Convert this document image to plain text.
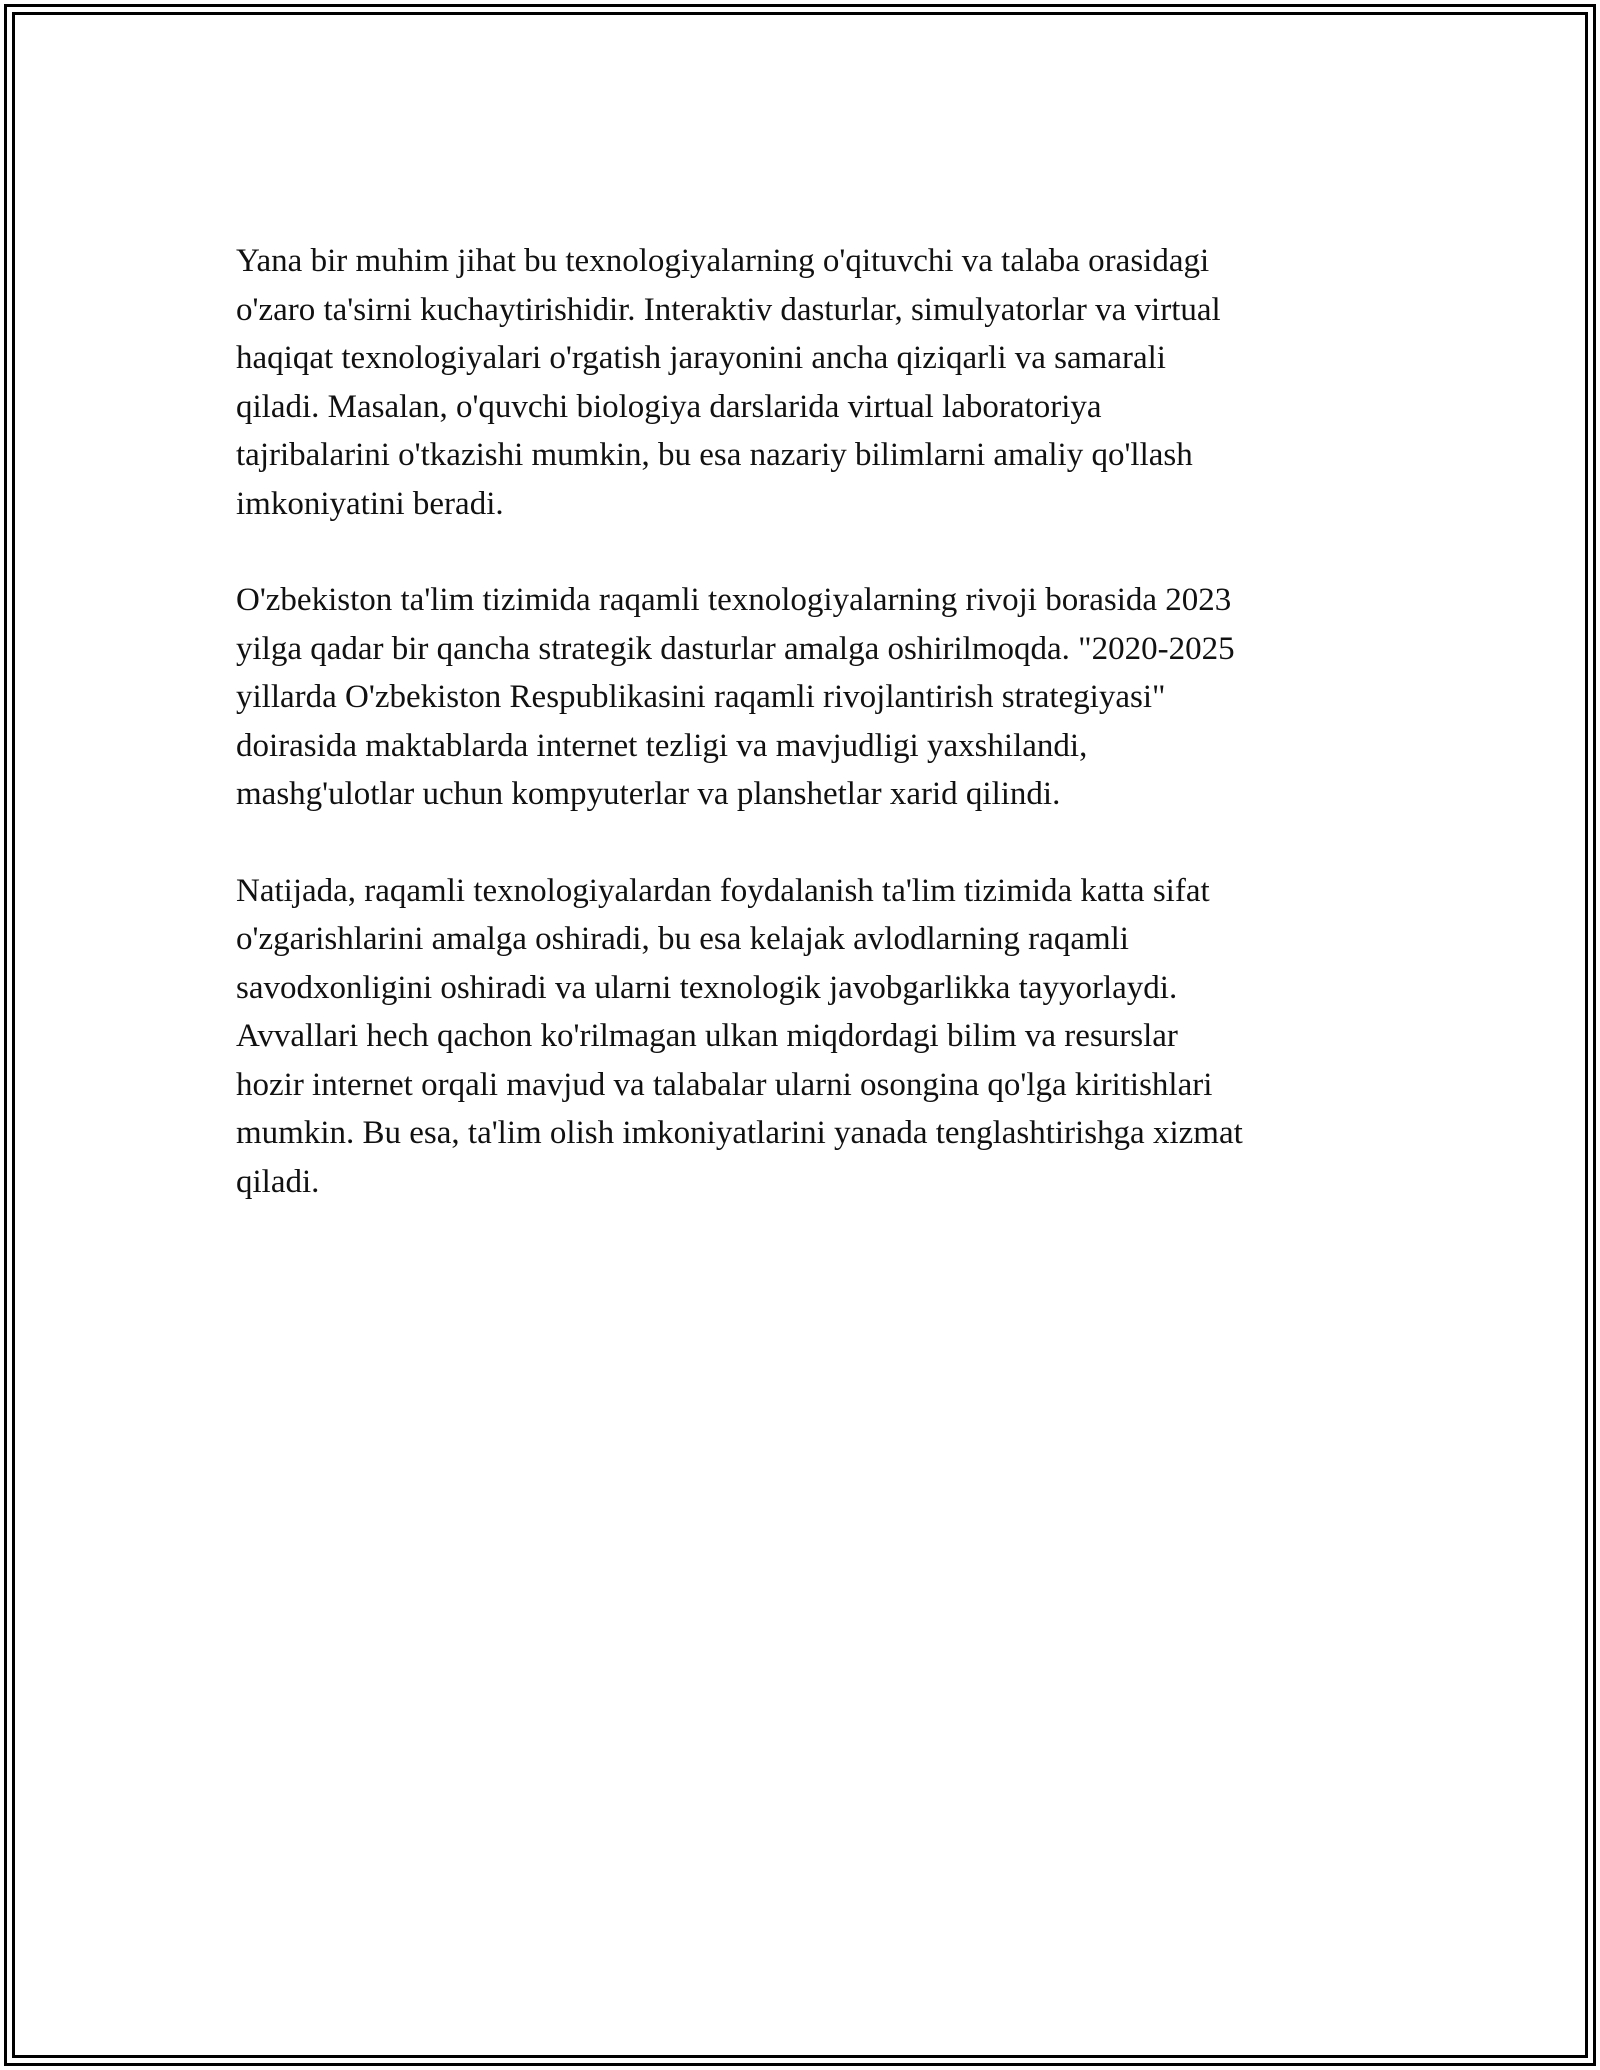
Yana bir muhim jihat bu texnologiyalarning o'qituvchi va talaba orasidagi
o'zaro ta'sirni kuchaytirishidir. Interaktiv dasturlar, simulyatorlar va virtual
haqiqat texnologiyalari o'rgatish jarayonini ancha qiziqarli va samarali
qiladi. Masalan, o'quvchi biologiya darslarida virtual laboratoriya
tajribalarini o'tkazishi mumkin, bu esa nazariy bilimlarni amaliy qo'llash
imkoniyatini beradi.

O'zbekiston ta'lim tizimida raqamli texnologiyalarning rivoji borasida 2023
yilga qadar bir qancha strategik dasturlar amalga oshirilmoqda. "2020-2025
yillarda O'zbekiston Respublikasini raqamli rivojlantirish strategiyasi"
doirasida maktablarda internet tezligi va mavjudligi yaxshilandi,
mashg'ulotlar uchun kompyuterlar va planshetlar xarid qilindi.

Natijada, raqamli texnologiyalardan foydalanish ta'lim tizimida katta sifat
o'zgarishlarini amalga oshiradi, bu esa kelajak avlodlarning raqamli
savodxonligini oshiradi va ularni texnologik javobgarlikka tayyorlaydi.
Avvallari hech qachon ko'rilmagan ulkan miqdordagi bilim va resurslar
hozir internet orqali mavjud va talabalar ularni osongina qo'lga kiritishlari
mumkin. Bu esa, ta'lim olish imkoniyatlarini yanada tenglashtirishga xizmat
qiladi.
